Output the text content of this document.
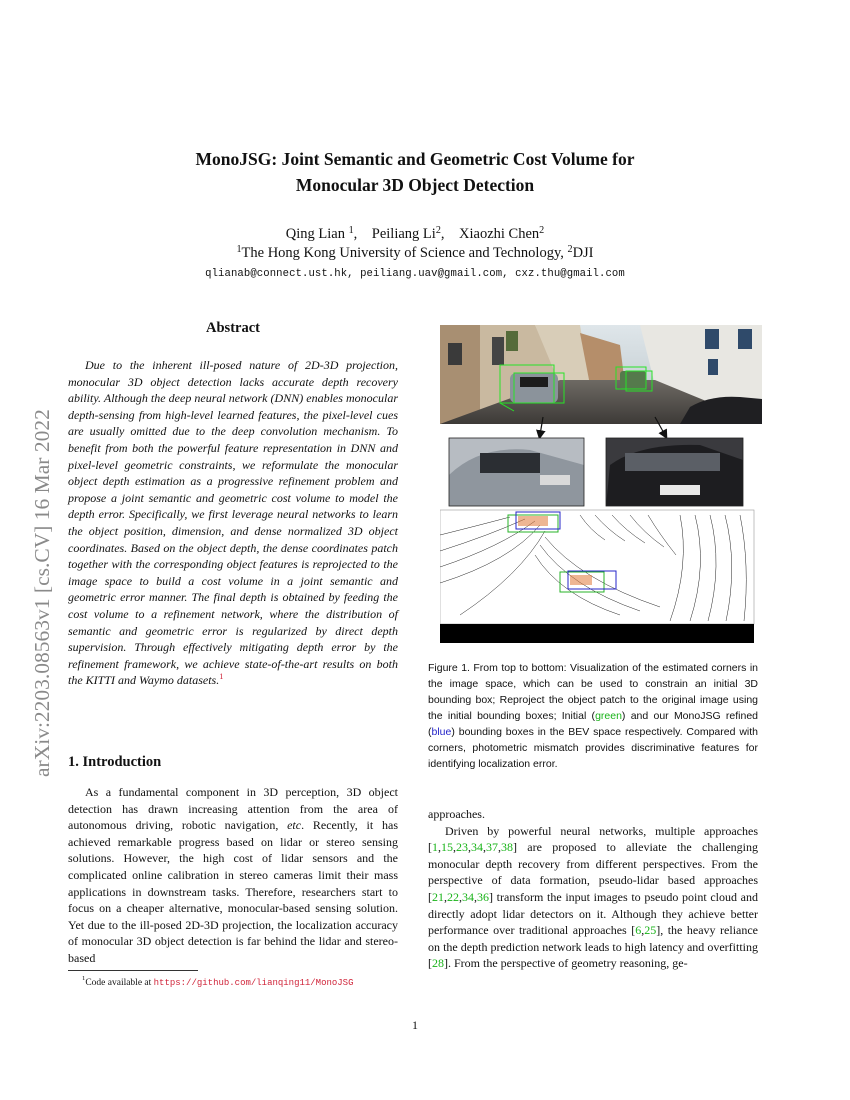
arXiv:2203.08563v1 [cs.CV] 16 Mar 2022
MonoJSG: Joint Semantic and Geometric Cost Volume for
Monocular 3D Object Detection
Qing Lian $^1$, Peiliang Li$^2$, Xiaozhi Chen$^2$
$^1$The Hong Kong University of Science and Technology, $^2$DJI
qlianab@connect.ust.hk, peiliang.uav@gmail.com, cxz.thu@gmail.com
Abstract
Due to the inherent ill-posed nature of 2D-3D projection, monocular 3D object detection lacks accurate depth recovery ability. Although the deep neural network (DNN) enables monocular depth-sensing from high-level learned features, the pixel-level cues are usually omitted due to the deep convolution mechanism. To benefit from both the powerful feature representation in DNN and pixel-level geometric constraints, we reformulate the monocular object depth estimation as a progressive refinement problem and propose a joint semantic and geometric cost volume to model the depth error. Specifically, we first leverage neural networks to learn the object position, dimension, and dense normalized 3D object coordinates. Based on the object depth, the dense coordinates patch together with the corresponding object features is reprojected to the image space to build a cost volume in a joint semantic and geometric error manner. The final depth is obtained by feeding the cost volume to a refinement network, where the distribution of semantic and geometric error is regularized by direct depth supervision. Through effectively mitigating depth error by the refinement framework, we achieve state-of-the-art results on both the KITTI and Waymo datasets.$^1$
1. Introduction
As a fundamental component in 3D perception, 3D object detection has drawn increasing attention from the area of autonomous driving, robotic navigation, etc. Recently, it has achieved remarkable progress based on lidar or stereo sensing solutions. However, the high cost of lidar sensors and the complicated online calibration in stereo cameras limit their mass applications in downstream tasks. Therefore, researchers start to focus on a cheaper alternative, monocular-based sensing solution. Yet due to the ill-posed 2D-3D projection, the localization accuracy of monocular 3D object detection is far behind the lidar and stereo-based
$^1$Code available at https://github.com/lianqing11/MonoJSG
Figure 1. From top to bottom: Visualization of the estimated corners in the image space, which can be used to constrain an initial 3D bounding box; Reproject the object patch to the original image using the initial bounding boxes; Initial (green) and our MonoJSG refined (blue) bounding boxes in the BEV space respectively. Compared with corners, photometric mismatch provides discriminative features for identifying localization error.

approaches.

Driven by powerful neural networks, multiple approaches [1,15,23,34,37,38] are proposed to alleviate the challenging monocular depth recovery from different perspectives. From the perspective of data formation, pseudo-lidar based approaches [21,22,34,36] transform the input images to pseudo point cloud and directly adopt lidar detectors on it. Although they achieve better performance over traditional approaches [6,25], the heavy reliance on the depth prediction network leads to high latency and overfitting [28]. From the perspective of geometry reasoning, ge-

1
